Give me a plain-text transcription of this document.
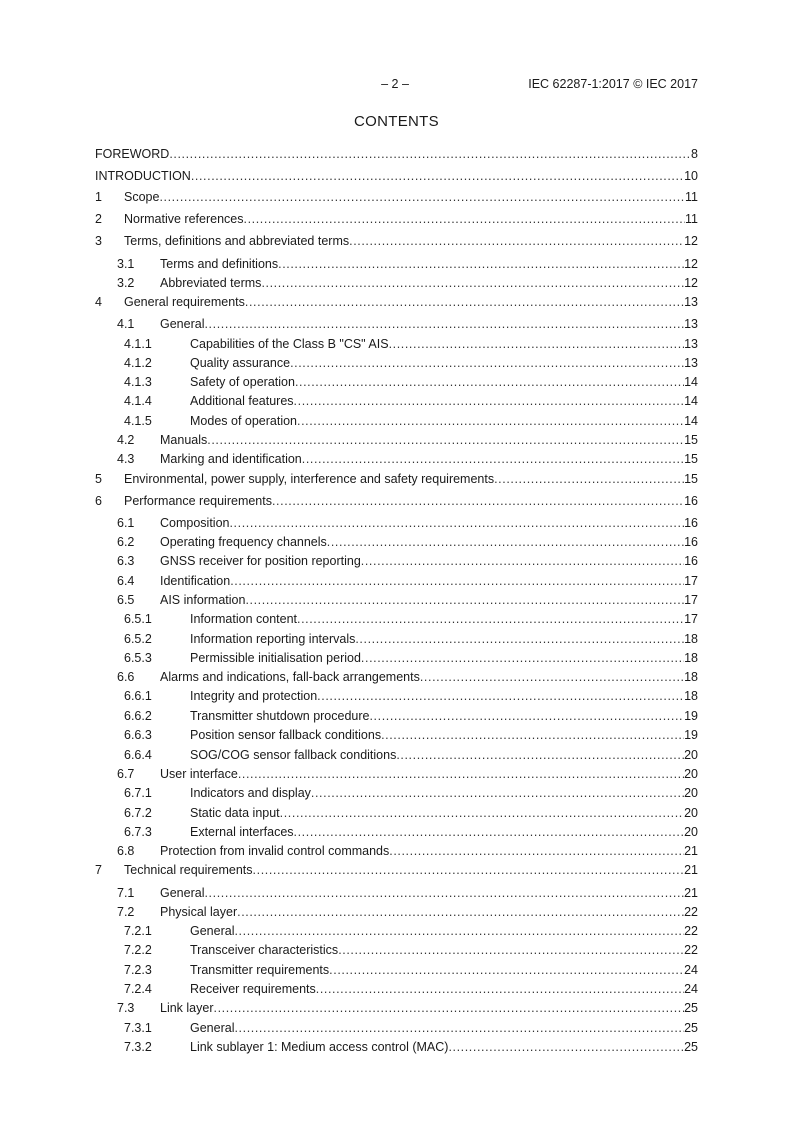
– 2 –	IEC 62287-1:2017 © IEC 2017
CONTENTS
FOREWORD .....	8
INTRODUCTION .....	10
1	Scope .....	11
2	Normative references .....	11
3	Terms, definitions and abbreviated terms .....	12
3.1	Terms and definitions .....	12
3.2	Abbreviated terms .....	12
4	General requirements .....	13
4.1	General .....	13
4.1.1	Capabilities of the Class B "CS" AIS .....	13
4.1.2	Quality assurance .....	13
4.1.3	Safety of operation .....	14
4.1.4	Additional features .....	14
4.1.5	Modes of operation .....	14
4.2	Manuals .....	15
4.3	Marking and identification .....	15
5	Environmental, power supply, interference and safety requirements .....	15
6	Performance requirements .....	16
6.1	Composition .....	16
6.2	Operating frequency channels .....	16
6.3	GNSS receiver for position reporting .....	16
6.4	Identification .....	17
6.5	AIS information .....	17
6.5.1	Information content .....	17
6.5.2	Information reporting intervals .....	18
6.5.3	Permissible initialisation period .....	18
6.6	Alarms and indications, fall-back arrangements .....	18
6.6.1	Integrity and protection .....	18
6.6.2	Transmitter shutdown procedure .....	19
6.6.3	Position sensor fallback conditions .....	19
6.6.4	SOG/COG sensor fallback conditions .....	20
6.7	User interface .....	20
6.7.1	Indicators and display .....	20
6.7.2	Static data input .....	20
6.7.3	External interfaces .....	20
6.8	Protection from invalid control commands .....	21
7	Technical requirements .....	21
7.1	General .....	21
7.2	Physical layer .....	22
7.2.1	General .....	22
7.2.2	Transceiver characteristics .....	22
7.2.3	Transmitter requirements .....	24
7.2.4	Receiver requirements .....	24
7.3	Link layer .....	25
7.3.1	General .....	25
7.3.2	Link sublayer 1: Medium access control (MAC) .....	25
